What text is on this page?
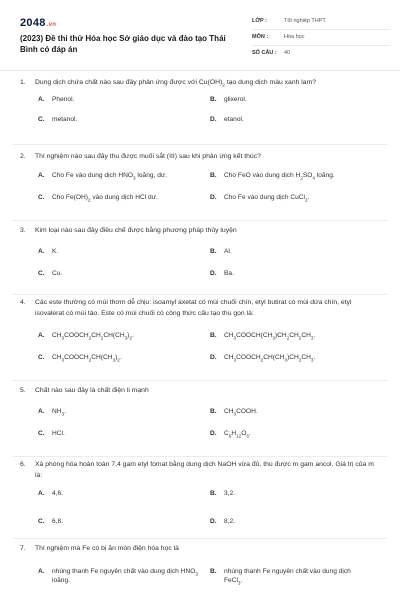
2048.vn
(2023) Đề thi thử Hóa học Sở giáo dục và đào tạo Thái Bình có đáp án
LỚP :	Tốt nghiệp THPT
MÔN :	Hóa học
SỐ CÂU :	40
1.	Dung dịch chứa chất nào sau đây phản ứng được với $Cu(OH)_2$ tạo dung dịch màu xanh lam?
A.	Phenol.	B.	glixerol.
C.	metanol.	D.	etanol.
2.	Thí nghiệm nào sau đây thu được muối sắt (III) sau khi phản ứng kết thúc?
A.	Cho Fe vào dung dịch $HNO_3$ loãng, dư.	B.	Cho FeO vào dung dịch $H_2SO_4$ loãng.
C.	Cho $Fe(OH)_2$ vào dung dịch HCl dư.	D.	Cho Fe vào dung dịch CuCl$_2$.
3.	Kim loại nào sau đây điều chế được bằng phương pháp thủy luyện
A.	K.	B.	Al.
C.	Cu.	D.	Ba.
4.	Các este thường có mùi thơm dễ chịu: isoamyl axetat có mùi chuối chín, etyl butirat có mùi dứa chín, etyl isovalerat có mùi táo. Este có mùi chuối có công thức cấu tạo thu gọn là:
A.	$CH_3COOCH_2CH_2CH(CH_3)_2$.	B.	$CH_3COOCH(CH_3)CH_2CH_2CH_3$.
C.	$CH_3COOCH_2CH(CH_3)_2$.	D.	$CH_3COOCH_2CH(CH_3)CH_2CH_3$.
5.	Chất nào sau đây là chất điện li mạnh
A.	$NH_3$.	B.	$CH_3COOH$.
C.	HCl.	D.	$C_6H_{12}O_6$.
6.	Xà phòng hóa hoàn toàn 7,4 gam etyl fomat bằng dung dịch NaOH vừa đủ, thu được m gam ancol. Giá trị của m là:
A.	4,6.	B.	3,2.
C.	6,8.	D.	8,2.
7.	Thí nghiệm mà Fe có bị ăn mòn điện hóa học là
A.	nhúng thanh Fe nguyên chất vào dung dịch $HNO_3$ loãng.
B.	nhúng thanh Fe nguyên chất vào dung dịch FeCl$_3$.
